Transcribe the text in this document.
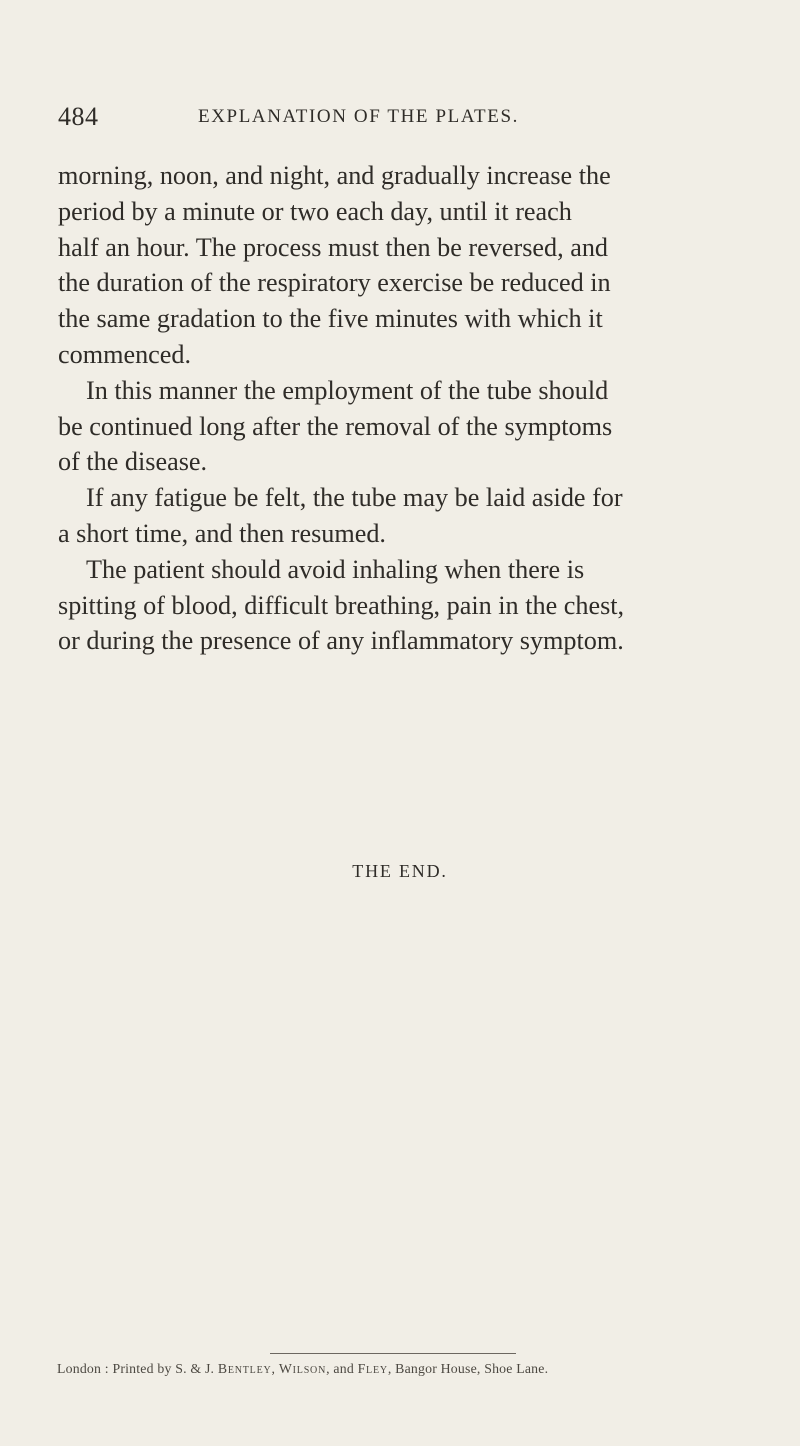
484	EXPLANATION OF THE PLATES.
morning, noon, and night, and gradually increase the
period by a minute or two each day, until it reach
half an hour. The process must then be reversed, and
the duration of the respiratory exercise be reduced in
the same gradation to the five minutes with which it
commenced.
In this manner the employment of the tube should
be continued long after the removal of the symptoms
of the disease.
If any fatigue be felt, the tube may be laid aside for
a short time, and then resumed.
The patient should avoid inhaling when there is
spitting of blood, difficult breathing, pain in the chest,
or during the presence of any inflammatory symptom.
THE END.
London : Printed by S. & J. Bentley, Wilson, and Fley, Bangor House, Shoe Lane.
